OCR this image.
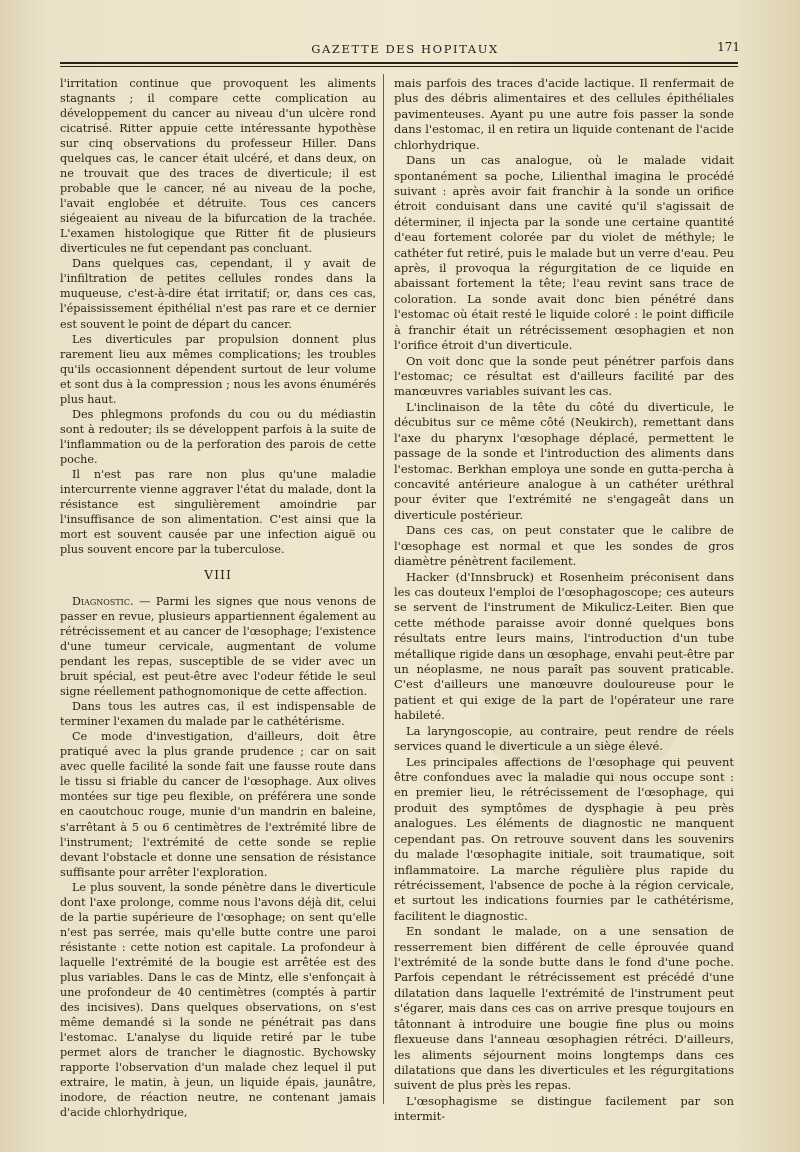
GAZETTE DES HOPITAUX	171

l'irritation continue que provoquent les aliments stagnants ; il compare cette complication au développement du cancer au niveau d'un ulcère rond cicatrisé. Ritter appuie cette intéressante hypothèse sur cinq observations du professeur Hiller. Dans quelques cas, le cancer était ulcéré, et dans deux, on ne trouvait que des traces de diverticule; il est probable que le cancer, né au niveau de la poche, l'avait englobée et détruite. Tous ces cancers siégeaient au niveau de la bifurcation de la trachée. L'examen histologique que Ritter fit de plusieurs diverticules ne fut cependant pas concluant.

Dans quelques cas, cependant, il y avait de l'infiltration de petites cellules rondes dans la muqueuse, c'est-à-dire état irritatif; or, dans ces cas, l'épaississement épithélial n'est pas rare et ce dernier est souvent le point de départ du cancer.

Les diverticules par propulsion donnent plus rarement lieu aux mêmes complications; les troubles qu'ils occasionnent dépendent surtout de leur volume et sont dus à la compression ; nous les avons énumérés plus haut.

Des phlegmons profonds du cou ou du médiastin sont à redouter; ils se développent parfois à la suite de l'inflammation ou de la perforation des parois de cette poche.

Il n'est pas rare non plus qu'une maladie intercurrente vienne aggraver l'état du malade, dont la résistance est singulièrement amoindrie par l'insuffisance de son alimentation. C'est ainsi que la mort est souvent causée par une infection aiguë ou plus souvent encore par la tuberculose.

VIII

Diagnostic. — Parmi les signes que nous venons de passer en revue, plusieurs appartiennent également au rétrécissement et au cancer de l'œsophage; l'existence d'une tumeur cervicale, augmentant de volume pendant les repas, susceptible de se vider avec un bruit spécial, est peut-être avec l'odeur fétide le seul signe réellement pathognomonique de cette affection.

Dans tous les autres cas, il est indispensable de terminer l'examen du malade par le cathétérisme.

Ce mode d'investigation, d'ailleurs, doit être pratiqué avec la plus grande prudence ; car on sait avec quelle facilité la sonde fait une fausse route dans le tissu si friable du cancer de l'œsophage. Aux olives montées sur tige peu flexible, on préférera une sonde en caoutchouc rouge, munie d'un mandrin en baleine, s'arrêtant à 5 ou 6 centimètres de l'extrémité libre de l'instrument; l'extrémité de cette sonde se replie devant l'obstacle et donne une sensation de résistance suffisante pour arrêter l'exploration.

Le plus souvent, la sonde pénètre dans le diverticule dont l'axe prolonge, comme nous l'avons déjà dit, celui de la partie supérieure de l'œsophage; on sent qu'elle n'est pas serrée, mais qu'elle butte contre une paroi résistante : cette notion est capitale. La profondeur à laquelle l'extrémité de la bougie est arrêtée est des plus variables. Dans le cas de Mintz, elle s'enfonçait à une profondeur de 40 centimètres (comptés à partir des incisives). Dans quelques observations, on s'est même demandé si la sonde ne pénétrait pas dans l'estomac. L'analyse du liquide retiré par le tube permet alors de trancher le diagnostic. Bychowsky rapporte l'observation d'un malade chez lequel il put extraire, le matin, à jeun, un liquide épais, jaunâtre, inodore, de réaction neutre, ne contenant jamais d'acide chlorhydrique,

mais parfois des traces d'acide lactique. Il renfermait de plus des débris alimentaires et des cellules épithéliales pavimenteuses. Ayant pu une autre fois passer la sonde dans l'estomac, il en retira un liquide contenant de l'acide chlorhydrique.

Dans un cas analogue, où le malade vidait spontanément sa poche, Lilienthal imagina le procédé suivant : après avoir fait franchir à la sonde un orifice étroit conduisant dans une cavité qu'il s'agissait de déterminer, il injecta par la sonde une certaine quantité d'eau fortement colorée par du violet de méthyle; le cathéter fut retiré, puis le malade but un verre d'eau. Peu après, il provoqua la régurgitation de ce liquide en abaissant fortement la tête; l'eau revint sans trace de coloration. La sonde avait donc bien pénétré dans l'estomac où était resté le liquide coloré : le point difficile à franchir était un rétrécissement œsophagien et non l'orifice étroit d'un diverticule.

On voit donc que la sonde peut pénétrer parfois dans l'estomac; ce résultat est d'ailleurs facilité par des manœuvres variables suivant les cas.

L'inclinaison de la tête du côté du diverticule, le décubitus sur ce même côté (Neukirch), remettant dans l'axe du pharynx l'œsophage déplacé, permettent le passage de la sonde et l'introduction des aliments dans l'estomac. Berkhan employa une sonde en gutta-percha à concavité antérieure analogue à un cathéter uréthral pour éviter que l'extrémité ne s'engageât dans un diverticule postérieur.

Dans ces cas, on peut constater que le calibre de l'œsophage est normal et que les sondes de gros diamètre pénètrent facilement.

Hacker (d'Innsbruck) et Rosenheim préconisent dans les cas douteux l'emploi de l'œsophagoscope; ces auteurs se servent de l'instrument de Mikulicz-Leiter. Bien que cette méthode paraisse avoir donné quelques bons résultats entre leurs mains, l'introduction d'un tube métallique rigide dans un œsophage, envahi peut-être par un néoplasme, ne nous paraît pas souvent praticable. C'est d'ailleurs une manœuvre douloureuse pour le patient et qui exige de la part de l'opérateur une rare habileté.

La laryngoscopie, au contraire, peut rendre de réels services quand le diverticule a un siège élevé.

Les principales affections de l'œsophage qui peuvent être confondues avec la maladie qui nous occupe sont : en premier lieu, le rétrécissement de l'œsophage, qui produit des symptômes de dysphagie à peu près analogues. Les éléments de diagnostic ne manquent cependant pas. On retrouve souvent dans les souvenirs du malade l'œsophagite initiale, soit traumatique, soit inflammatoire. La marche régulière plus rapide du rétrécissement, l'absence de poche à la région cervicale, et surtout les indications fournies par le cathétérisme, facilitent le diagnostic.

En sondant le malade, on a une sensation de resserrement bien différent de celle éprouvée quand l'extrémité de la sonde butte dans le fond d'une poche. Parfois cependant le rétrécissement est précédé d'une dilatation dans laquelle l'extrémité de l'instrument peut s'égarer, mais dans ces cas on arrive presque toujours en tâtonnant à introduire une bougie fine plus ou moins flexueuse dans l'anneau œsophagien rétréci. D'ailleurs, les aliments séjournent moins longtemps dans ces dilatations que dans les diverticules et les régurgitations suivent de plus près les repas.

L'œsophagisme se distingue facilement par son intermit-
